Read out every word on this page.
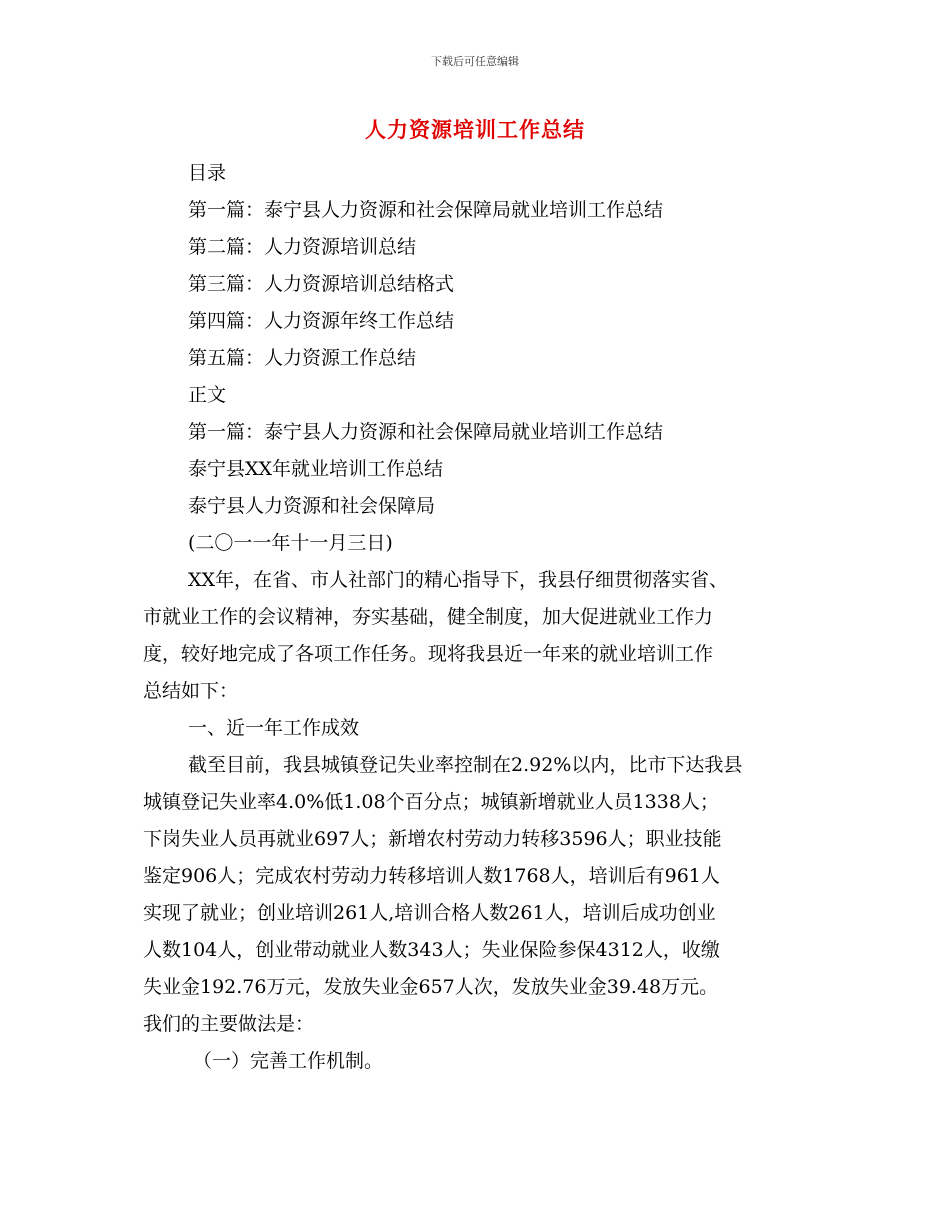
下载后可任意编辑
人力资源培训工作总结
目录
第一篇：泰宁县人力资源和社会保障局就业培训工作总结
第二篇：人力资源培训总结
第三篇：人力资源培训总结格式
第四篇：人力资源年终工作总结
第五篇：人力资源工作总结
正文
第一篇：泰宁县人力资源和社会保障局就业培训工作总结
泰宁县XX年就业培训工作总结
泰宁县人力资源和社会保障局
(二〇一一年十一月三日)
XX年，在省、市人社部门的精心指导下，我县仔细贯彻落实省、
市就业工作的会议精神，夯实基础，健全制度，加大促进就业工作力
度，较好地完成了各项工作任务。现将我县近一年来的就业培训工作
总结如下：
一、近一年工作成效
截至目前，我县城镇登记失业率控制在2.92%以内，比市下达我县
城镇登记失业率4.0%低1.08个百分点；城镇新增就业人员1338人；
下岗失业人员再就业697人；新增农村劳动力转移3596人；职业技能
鉴定906人；完成农村劳动力转移培训人数1768人，培训后有961人
实现了就业；创业培训261人,培训合格人数261人，培训后成功创业
人数104人，创业带动就业人数343人；失业保险参保4312人，收缴
失业金192.76万元，发放失业金657人次，发放失业金39.48万元。
我们的主要做法是：
（一）完善工作机制。
